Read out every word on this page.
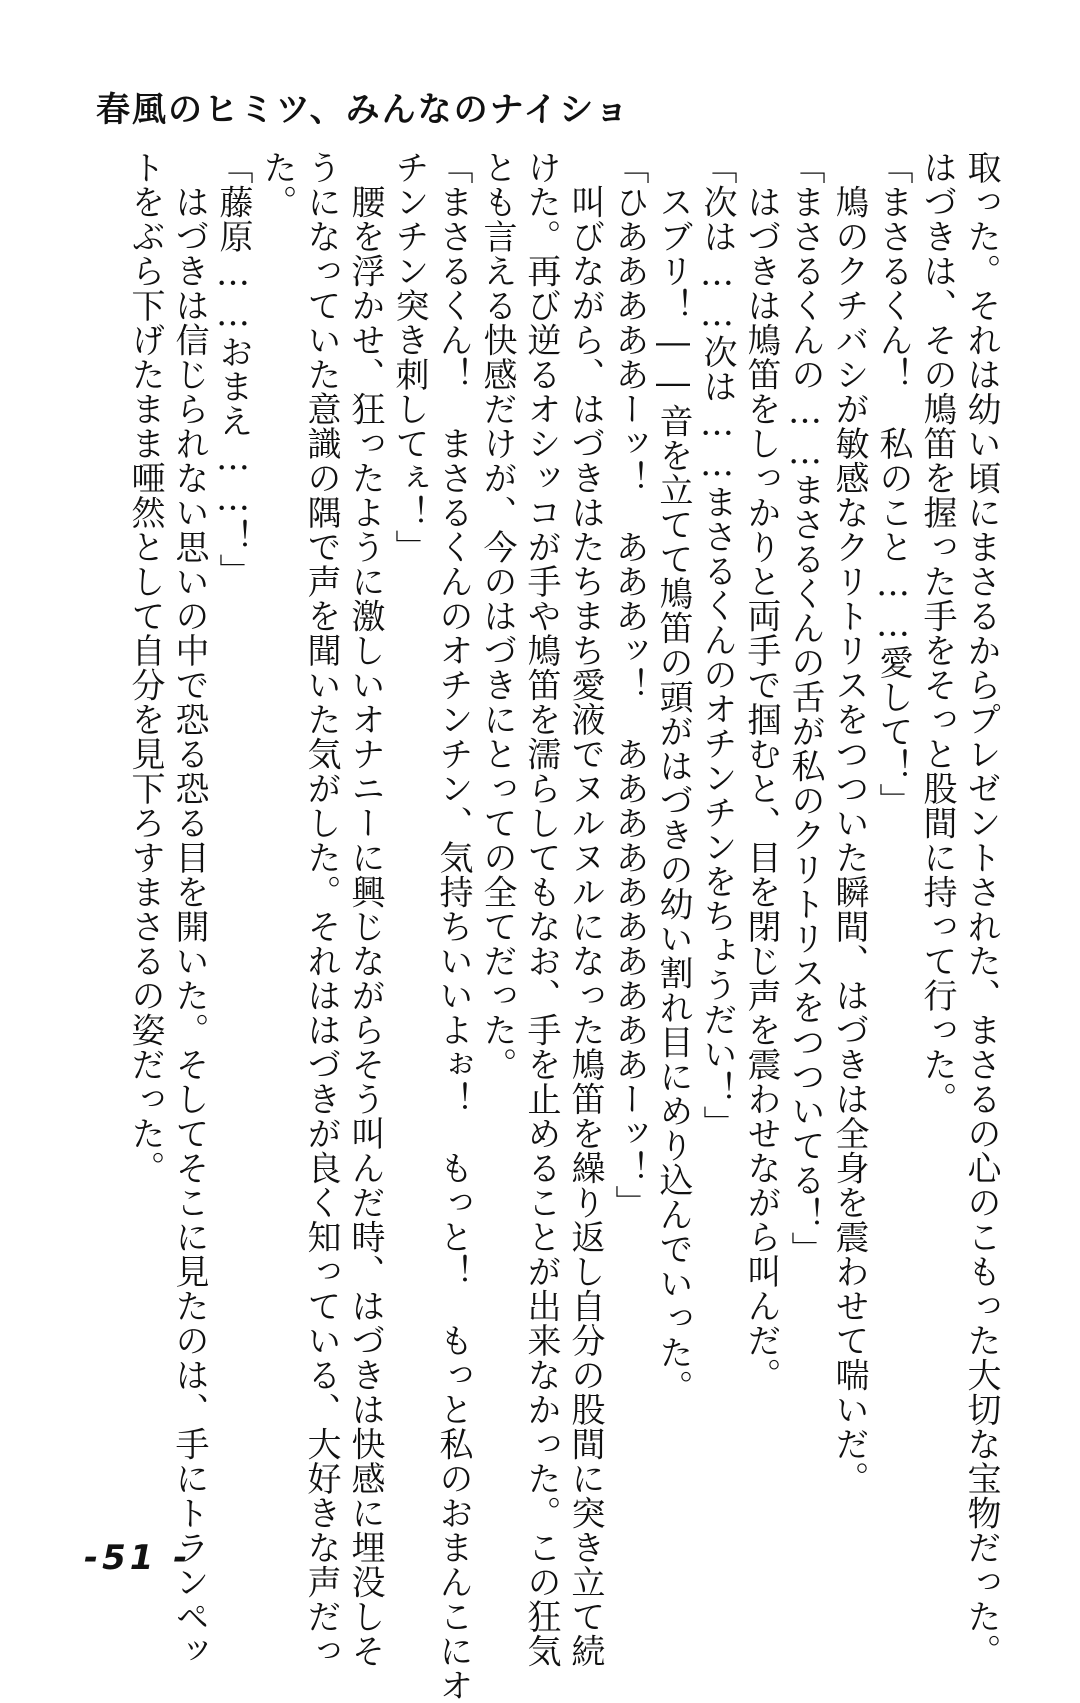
春風のヒミツ、みんなのナイショ
取った。それは幼い頃にまさるからプレゼントされた、まさるの心のこもった大切な宝物だった。
はづきは、その鳩笛を握った手をそっと股間に持って行った。
「まさるくん！　私のこと……愛して！」
　鳩のクチバシが敏感なクリトリスをつついた瞬間、はづきは全身を震わせて喘いだ。
「まさるくんの……まさるくんの舌が私のクリトリスをつついてる！」
　はづきは鳩笛をしっかりと両手で掴むと、目を閉じ声を震わせながら叫んだ。
「次は……次は……まさるくんのオチンチンをちょうだい！」
　スブリ！――音を立てて鳩笛の頭がはづきの幼い割れ目にめり込んでいった。
「ひあああああーッ！　あああッ！　ああああああああああーッ！」
　叫びながら、はづきはたちまち愛液でヌルヌルになった鳩笛を繰り返し自分の股間に突き立て続
けた。再び逆るオシッコが手や鳩笛を濡らしてもなお、手を止めることが出来なかった。この狂気
とも言える快感だけが、今のはづきにとっての全てだった。
「まさるくん！　まさるくんのオチンチン、気持ちいいよぉ！　もっと！　もっと私のおまんこにオ
チンチン突き刺してぇ！」
　腰を浮かせ、狂ったように激しいオナニーに興じながらそう叫んだ時、はづきは快感に埋没しそ
うになっていた意識の隅で声を聞いた気がした。それははづきが良く知っている、大好きな声だっ
た。
「藤原……おまえ……！」
　はづきは信じられない思いの中で恐る恐る目を開いた。そしてそこに見たのは、手にトランペッ
トをぶら下げたまま唖然として自分を見下ろすまさるの姿だった。
-51 -
